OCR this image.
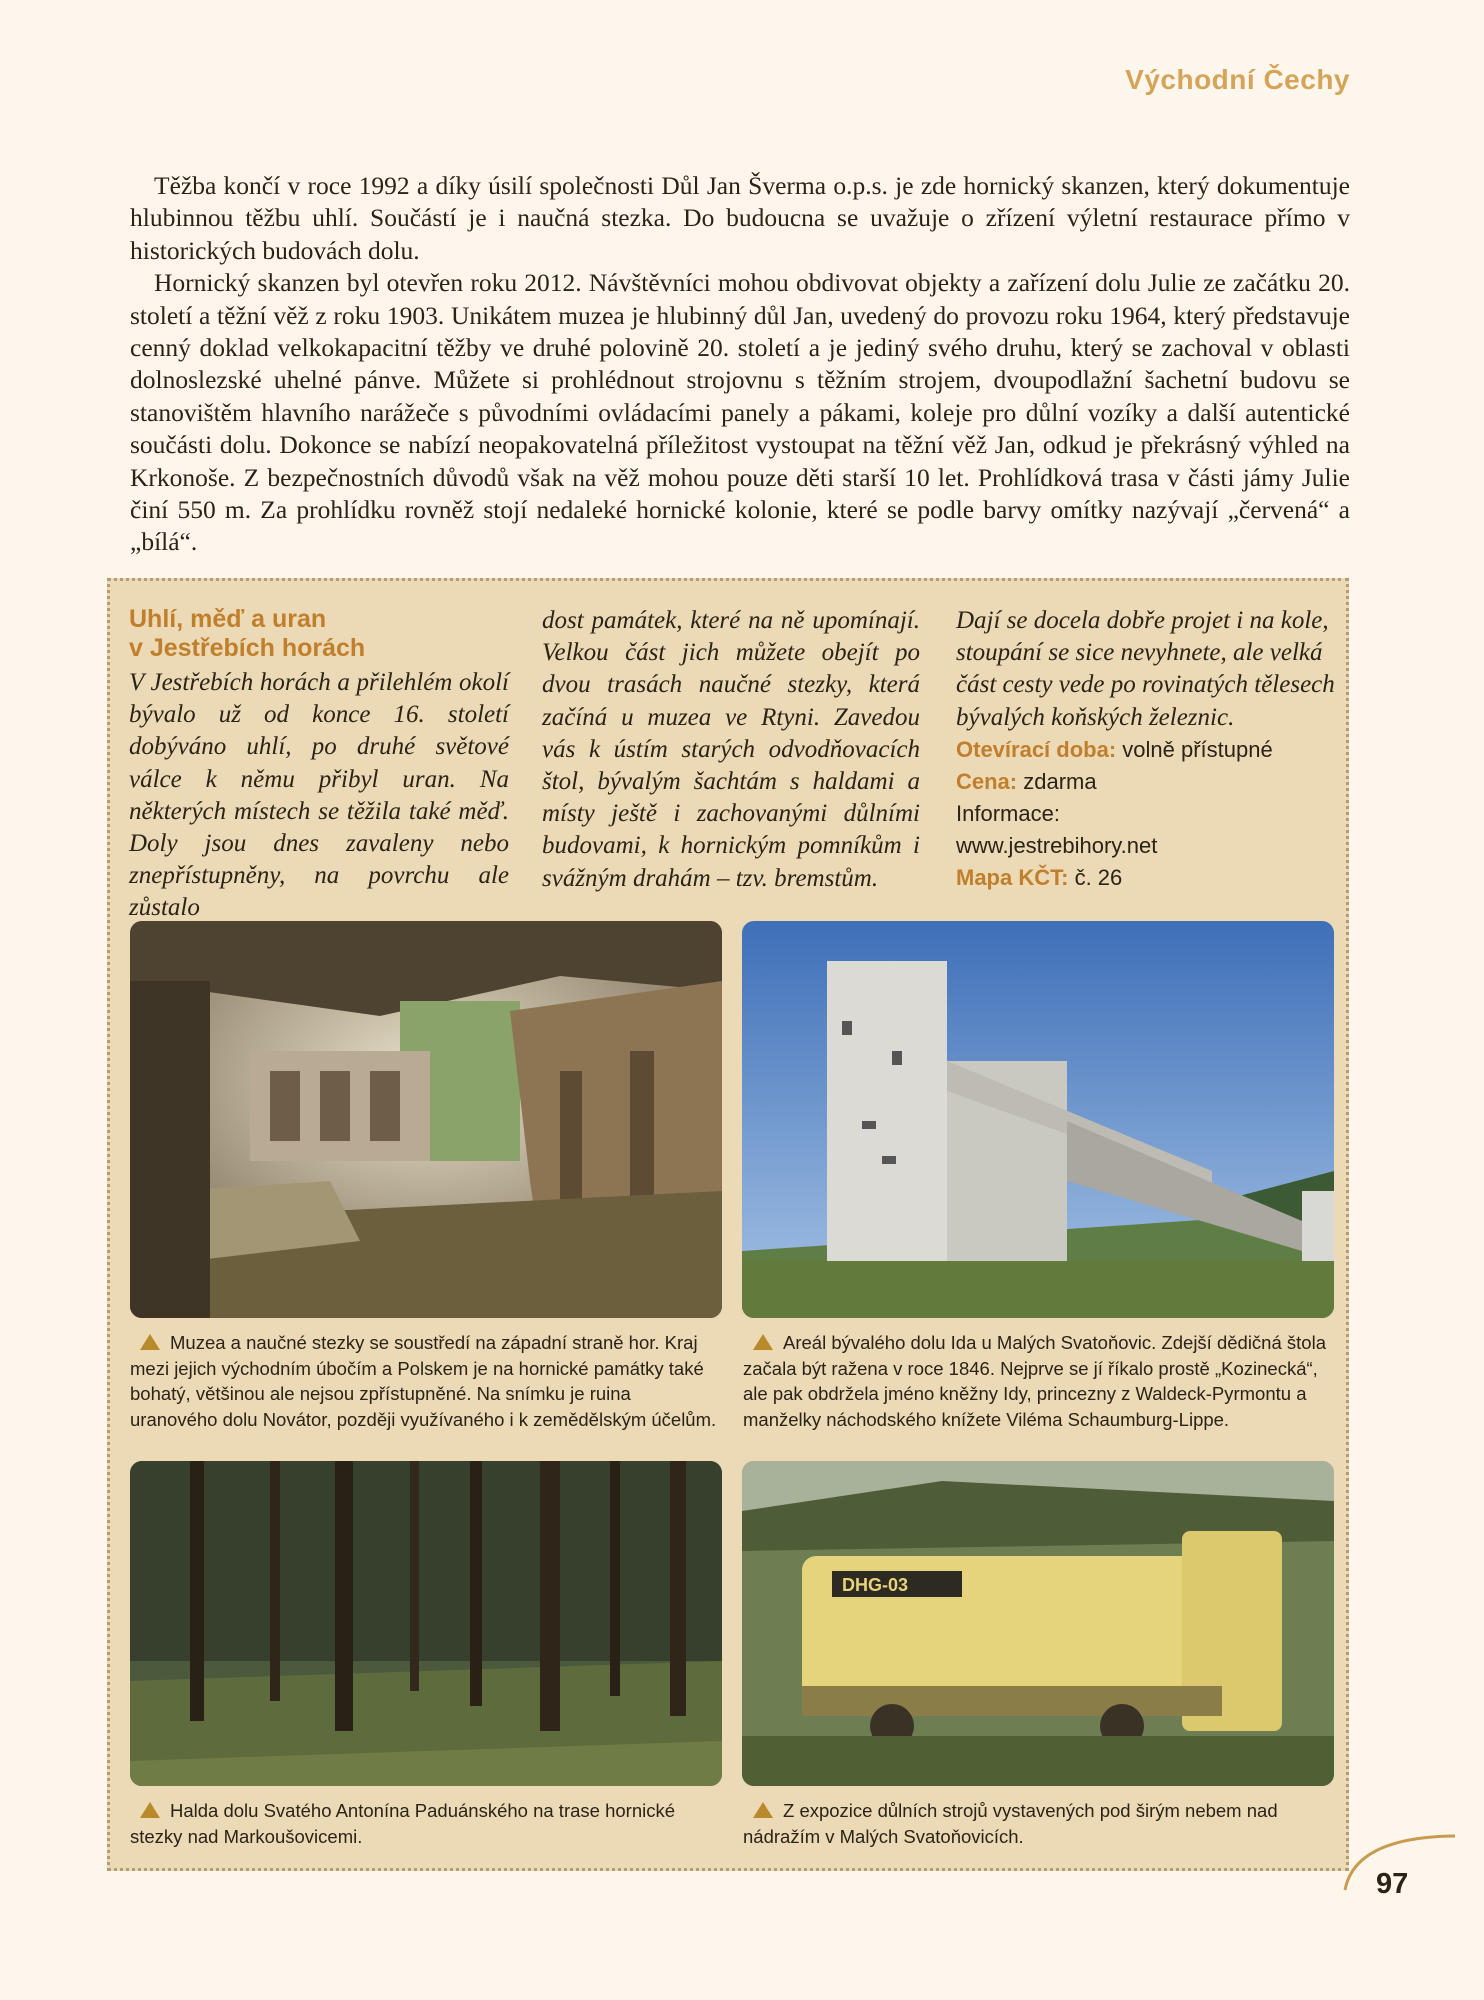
Východní Čechy

Těžba končí v roce 1992 a díky úsilí společnosti Důl Jan Šverma o.p.s. je zde hornický skanzen, který dokumentuje hlubinnou těžbu uhlí. Součástí je i naučná stezka. Do budoucna se uvažuje o zřízení výletní restaurace přímo v historických budovách dolu.

Hornický skanzen byl otevřen roku 2012. Návštěvníci mohou obdivovat objekty a zařízení dolu Julie ze začátku 20. století a těžní věž z roku 1903. Unikátem muzea je hlubinný důl Jan, uvedený do provozu roku 1964, který představuje cenný doklad velkokapacitní těžby ve druhé polovině 20. století a je jediný svého druhu, který se zachoval v oblasti dolnoslezské uhelné pánve. Můžete si prohlédnout strojovnu s těžním strojem, dvoupodlažní šachetní budovu se stanovištěm hlavního narážeče s původními ovládacími panely a pákami, koleje pro důlní vozíky a další autentické součásti dolu. Dokonce se nabízí neopakovatelná příležitost vystoupat na těžní věž Jan, odkud je překrásný výhled na Krkonoše. Z bezpečnostních důvodů však na věž mohou pouze děti starší 10 let. Prohlídková trasa v části jámy Julie činí 550 m. Za prohlídku rovněž stojí nedaleké hornické kolonie, které se podle barvy omítky nazývají „červená“ a „bílá“.

Uhlí, měď a uran
v Jestřebích horách
V Jestřebích horách a přilehlém okolí bývalo už od konce 16. století dobýváno uhlí, po druhé světové válce k němu přibyl uran. Na některých místech se těžila také měď. Doly jsou dnes zavaleny nebo znepřístupněny, na povrchu ale zůstalo
dost památek, které na ně upomínají. Velkou část jich můžete obejít po dvou trasách naučné stezky, která začíná u muzea ve Rtyni. Zavedou vás k ústím starých odvodňovacích štol, bývalým šachtám s haldami a místy ještě i zachovanými důlními budovami, k hornickým pomníkům i svážným drahám – tzv. bremstům.
Dají se docela dobře projet i na kole, stoupání se sice nevyhnete, ale velká část cesty vede po rovinatých tělesech bývalých koňských železnic.
Otevírací doba: volně přístupné
Cena: zdarma
Informace:
www.jestrebihory.net
Mapa KČT: č. 26
DHG-03
Muzea a naučné stezky se soustředí na západní straně hor. Kraj mezi jejich východním úbočím a Polskem je na hornické památky také bohatý, většinou ale nejsou zpřístupněné. Na snímku je ruina uranového dolu Novátor, později využívaného i k zemědělským účelům.
Areál bývalého dolu Ida u Malých Svatoňovic. Zdejší dědičná štola začala být ražena v roce 1846. Nejprve se jí říkalo prostě „Kozinecká“, ale pak obdržela jméno kněžny Idy, princezny z Waldeck-Pyrmontu a manželky náchodského knížete Viléma Schaumburg-Lippe.
Halda dolu Svatého Antonína Paduánského na trase hornické stezky nad Markoušovicemi.
Z expozice důlních strojů vystavených pod širým nebem nad nádražím v Malých Svatoňovicích.
97
